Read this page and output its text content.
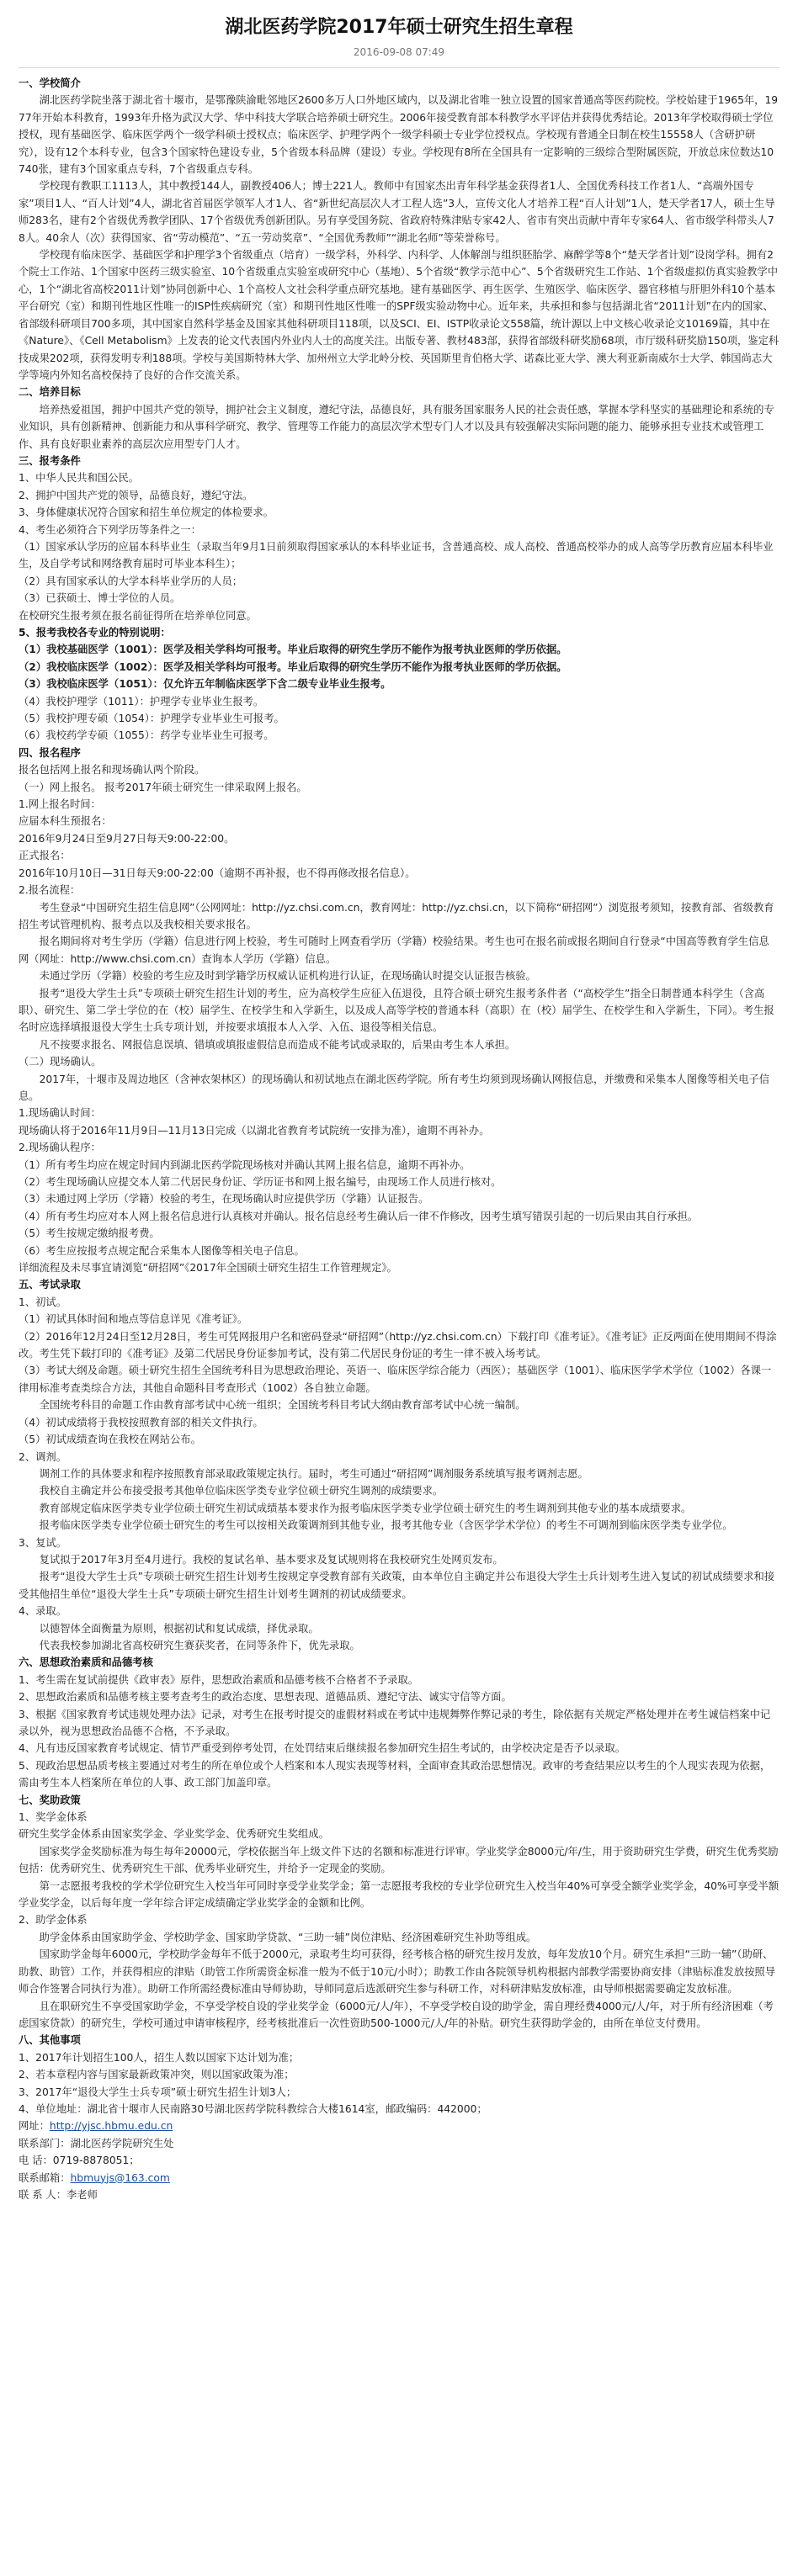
湖北医药学院2017年硕士研究生招生章程
2016-09-08 07:49

一、学校简介

湖北医药学院坐落于湖北省十堰市，是鄂豫陕渝毗邻地区2600多万人口外地区域内，以及湖北省唯一独立设置的国家普通高等医药院校。学校始建于1965年，1977年开始本科教育，1993年升格为武汉大学、华中科技大学联合培养硕士研究生。2006年接受教育部本科教学水平评估并获得优秀结论。2013年学校取得硕士学位授权，现有基础医学、临床医学两个一级学科硕士授权点；临床医学、护理学两个一级学科硕士专业学位授权点。学校现有普通全日制在校生15558人（含研护研究），设有12个本科专业，包含3个国家特色建设专业，5个省级本科品牌（建设）专业。学校现有8所在全国具有一定影响的三级综合型附属医院，开放总床位数达10740张，建有3个国家重点专科，7个省级重点专科。

学校现有教职工1113人，其中教授144人，副教授406人；博士221人。教师中有国家杰出青年科学基金获得者1人、全国优秀科技工作者1人、“高端外国专家”项目1人、“百人计划”4人，湖北省首届医学领军人才1人、省“新世纪高层次人才工程人选”3人，宣传文化人才培养工程“百人计划”1人，楚天学者17人，硕士生导师283名，建有2个省级优秀教学团队、17个省级优秀创新团队。另有享受国务院、省政府特殊津贴专家42人、省市有突出贡献中青年专家64人、省市级学科带头人78人。40余人（次）获得国家、省“劳动模范”、“五一劳动奖章”、“全国优秀教师”“湖北名师”等荣誉称号。

学校现有临床医学、基础医学和护理学3个省级重点（培育）一级学科，外科学、内科学、人体解剖与组织胚胎学、麻醉学等8个“楚天学者计划”设岗学科。拥有2个院士工作站、1个国家中医药三级实验室、10个省级重点实验室或研究中心（基地）、5个省级“教学示范中心”、5个省级研究生工作站、1个省级虚拟仿真实验教学中心，1个“湖北省高校2011计划”协同创新中心、1个高校人文社会科学重点研究基地。建有基础医学、再生医学、生殖医学、临床医学、器官移植与肝胆外科10个基本平台研究（室）和期刊性地区性唯一的ISP性疾病研究（室）和期刊性地区性唯一的SPF级实验动物中心。近年来，共承担和参与包括湖北省“2011计划”在内的国家、省部级科研项目700多项，其中国家自然科学基金及国家其他科研项目118项，以及SCI、EI、ISTP收录论文558篇，统计源以上中文核心收录论文10169篇，其中在《Nature》、《Cell Metabolism》上发表的论文代表国内外业内人士的高度关注。出版专著、教材483部，获得省部级科研奖励68项，市厅级科研奖励150项，鉴定科技成果202项，获得发明专利188项。学校与美国斯特林大学、加州州立大学北岭分校、英国斯里肯伯格大学、诺森比亚大学、澳大利亚新南威尔士大学、韩国尚志大学等境内外知名高校保持了良好的合作交流关系。

二、培养目标

培养热爱祖国，拥护中国共产党的领导，拥护社会主义制度，遵纪守法，品德良好，具有服务国家服务人民的社会责任感，掌握本学科坚实的基础理论和系统的专业知识，具有创新精神、创新能力和从事科学研究、教学、管理等工作能力的高层次学术型专门人才以及具有较强解决实际问题的能力、能够承担专业技术或管理工作、具有良好职业素养的高层次应用型专门人才。

三、报考条件

1、中华人民共和国公民。

2、拥护中国共产党的领导，品德良好，遵纪守法。

3、身体健康状况符合国家和招生单位规定的体检要求。

4、考生必须符合下列学历等条件之一：

（1）国家承认学历的应届本科毕业生（录取当年9月1日前须取得国家承认的本科毕业证书，含普通高校、成人高校、普通高校举办的成人高等学历教育应届本科毕业生，及自学考试和网络教育届时可毕业本科生）；

（2）具有国家承认的大学本科毕业学历的人员；

（3）已获硕士、博士学位的人员。

在校研究生报考须在报名前征得所在培养单位同意。

5、报考我校各专业的特别说明：

（1）我校基础医学（1001）：医学及相关学科均可报考。毕业后取得的研究生学历不能作为报考执业医师的学历依据。

（2）我校临床医学（1002）：医学及相关学科均可报考。毕业后取得的研究生学历不能作为报考执业医师的学历依据。

（3）我校临床医学（1051）：仅允许五年制临床医学下含二级专业毕业生报考。

（4）我校护理学（1011）：护理学专业毕业生报考。

（5）我校护理专硕（1054）：护理学专业毕业生可报考。

（6）我校药学专硕（1055）：药学专业毕业生可报考。

四、报名程序

报名包括网上报名和现场确认两个阶段。

（一）网上报名。 报考2017年硕士研究生一律采取网上报名。

1.网上报名时间：

应届本科生预报名：

2016年9月24日至9月27日每天9:00-22:00。

正式报名：

2016年10月10日—31日每天9:00-22:00（逾期不再补报，也不得再修改报名信息）。

2.报名流程：

考生登录“中国研究生招生信息网”（公网网址：http://yz.chsi.com.cn，教育网址：http://yz.chsi.cn，以下简称“研招网”）浏览报考须知，按教育部、省级教育招生考试管理机构、报考点以及我校相关要求报名。

报名期间将对考生学历（学籍）信息进行网上校验，考生可随时上网查看学历（学籍）校验结果。考生也可在报名前或报名期间自行登录“中国高等教育学生信息网（网址：http://www.chsi.com.cn）查询本人学历（学籍）信息。

未通过学历（学籍）校验的考生应及时到学籍学历权威认证机构进行认证，在现场确认时提交认证报告核验。

报考“退役大学生士兵”专项硕士研究生招生计划的考生，应为高校学生应征入伍退役，且符合硕士研究生报考条件者（“高校学生”指全日制普通本科学生（含高职）、研究生、第二学士学位的在（校）届学生、在校学生和入学新生，以及成人高等学校的普通本科（高职）在（校）届学生、在校学生和入学新生，下同）。考生报名时应选择填报退役大学生士兵专项计划，并按要求填报本人入学、入伍、退役等相关信息。

凡不按要求报名、网报信息误填、错填或填报虚假信息而造成不能考试或录取的，后果由考生本人承担。

（二）现场确认。

2017年，十堰市及周边地区（含神农架林区）的现场确认和初试地点在湖北医药学院。所有考生均须到现场确认网报信息，并缴费和采集本人图像等相关电子信息。

1.现场确认时间：

现场确认将于2016年11月9日—11月13日完成（以湖北省教育考试院统一安排为准），逾期不再补办。

2.现场确认程序：

（1）所有考生均应在规定时间内到湖北医药学院现场核对并确认其网上报名信息，逾期不再补办。

（2）考生现场确认应提交本人第二代居民身份证、学历证书和网上报名编号，由现场工作人员进行核对。

（3）未通过网上学历（学籍）校验的考生，在现场确认时应提供学历（学籍）认证报告。

（4）所有考生均应对本人网上报名信息进行认真核对并确认。报名信息经考生确认后一律不作修改，因考生填写错误引起的一切后果由其自行承担。

（5）考生按规定缴纳报考费。

（6）考生应按报考点规定配合采集本人图像等相关电子信息。

详细流程及未尽事宜请浏览“研招网”《2017年全国硕士研究生招生工作管理规定》。

五、考试录取

1、初试。

（1）初试具体时间和地点等信息详见《准考证》。

（2）2016年12月24日至12月28日，考生可凭网报用户名和密码登录“研招网”（http://yz.chsi.com.cn）下载打印《准考证》。《准考证》正反两面在使用期间不得涂改。考生凭下载打印的《准考证》及第二代居民身份证参加考试，没有第二代居民身份证的考生一律不被入场考试。

（3）考试大纲及命题。硕士研究生招生全国统考科目为思想政治理论、英语一、临床医学综合能力（西医）；基础医学（1001）、临床医学学术学位（1002）各课一律用标准考查类综合方法，其他自命题科目考查形式（1002）各自独立命题。

全国统考科目的命题工作由教育部考试中心统一组织；全国统考科目考试大纲由教育部考试中心统一编制。

（4）初试成绩将于我校按照教育部的相关文件执行。

（5）初试成绩查询在我校在网站公布。

2、调剂。

调剂工作的具体要求和程序按照教育部录取政策规定执行。届时，考生可通过“研招网”调剂服务系统填写报考调剂志愿。

我校自主确定并公布接受报考其他单位临床医学类专业学位硕士研究生调剂的成绩要求。

教育部规定临床医学类专业学位硕士研究生初试成绩基本要求作为报考临床医学类专业学位硕士研究生的考生调剂到其他专业的基本成绩要求。

报考临床医学类专业学位硕士研究生的考生可以按相关政策调剂到其他专业，报考其他专业（含医学学术学位）的考生不可调剂到临床医学类专业学位。

3、复试。

复试拟于2017年3月至4月进行。我校的复试名单、基本要求及复试规则将在我校研究生处网页发布。

报考“退役大学生士兵”专项硕士研究生招生计划考生按规定享受教育部有关政策，由本单位自主确定并公布退役大学生士兵计划考生进入复试的初试成绩要求和接受其他招生单位“退役大学生士兵”专项硕士研究生招生计划考生调剂的初试成绩要求。

4、录取。

以德智体全面衡量为原则，根据初试和复试成绩，择优录取。

代表我校参加湖北省高校研究生赛获奖者，在同等条件下，优先录取。

六、思想政治素质和品德考核

1、考生需在复试前提供《政审表》原件，思想政治素质和品德考核不合格者不予录取。

2、思想政治素质和品德考核主要考查考生的政治态度、思想表现、道德品质、遵纪守法、诚实守信等方面。

3、根据《国家教育考试违规处理办法》记录，对考生在报考时提交的虚假材料或在考试中违规舞弊作弊记录的考生，除依据有关规定严格处理并在考生诚信档案中记录以外，视为思想政治品德不合格，不予录取。

4、凡有违反国家教育考试规定、情节严重受到停考处罚，在处罚结束后继续报名参加研究生招生考试的，由学校决定是否予以录取。

5、现政治思想品质考核主要通过对考生的所在单位或个人档案和本人现实表现等材料，全面审查其政治思想情况。政审的考查结果应以考生的个人现实表现为依据，需由考生本人档案所在单位的人事、政工部门加盖印章。

七、奖助政策

1、奖学金体系

研究生奖学金体系由国家奖学金、学业奖学金、优秀研究生奖组成。

国家奖学金奖励标准为每生每年20000元，学校依据当年上级文件下达的名额和标准进行评审。学业奖学金8000元/年/生，用于资助研究生学费，研究生优秀奖励包括：优秀研究生、优秀研究生干部、优秀毕业研究生，并给予一定现金的奖励。

第一志愿报考我校的学术学位研究生入校当年可同时享受学业奖学金；第一志愿报考我校的专业学位研究生入校当年40%可享受全额学业奖学金，40%可享受半额学业奖学金，以后每年度一学年综合评定成绩确定学业奖学金的金额和比例。

2、助学金体系

助学金体系由国家助学金、学校助学金、国家助学贷款、“三助一辅”岗位津贴、经济困难研究生补助等组成。

国家助学金每年6000元，学校助学金每年不低于2000元，录取考生均可获得，经考核合格的研究生按月发放，每年发放10个月。研究生承担“三助一辅”（助研、助教、助管）工作，并获得相应的津贴（助管工作所需资金标准一般为不低于10元/小时）；助教工作由各院领导机构根据内部教学需要协商安排（津贴标准发放按照导师合作签署合同执行为准）。助研工作所需经费标准由导师协助，导师同意后选派研究生参与科研工作，对科研津贴发放标准，由导师根据需要确定发放标准。

且在职研究生不享受国家助学金，不享受学校自设的学业奖学金（6000元/人/年），不享受学校自设的助学金，需自理经费4000元/人/年，对于所有经济困难（考虑国家贷款）的研究生，学校可通过申请审核程序，经考核批准后一次性资助500-1000元/人/年的补贴。研究生获得助学金的，由所在单位支付费用。

八、其他事项

1、2017年计划招生100人，招生人数以国家下达计划为准；

2、若本章程内容与国家最新政策冲突，则以国家政策为准；

3、2017年“退役大学生士兵专项”硕士研究生招生计划3人；

4、单位地址：湖北省十堰市人民南路30号湖北医药学院科教综合大楼1614室，邮政编码：442000；

网址：http://yjsc.hbmu.edu.cn

联系部门：湖北医药学院研究生处

电 话：0719-8878051；

联系邮箱：hbmuyjs@163.com

联 系 人：李老师
